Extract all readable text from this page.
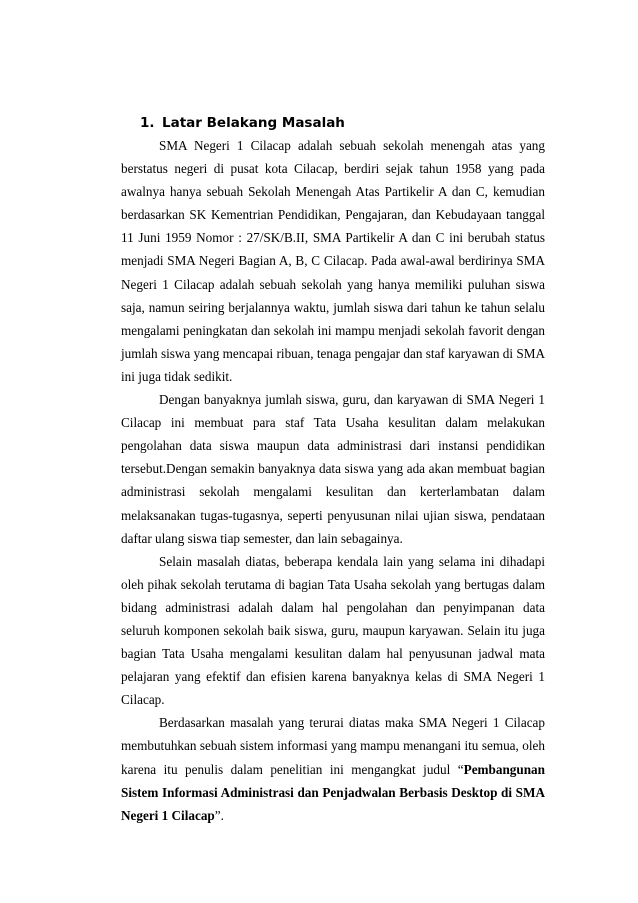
1. Latar Belakang Masalah

SMA Negeri 1 Cilacap adalah sebuah sekolah menengah atas yang berstatus negeri di pusat kota Cilacap, berdiri sejak tahun 1958 yang pada awalnya hanya sebuah Sekolah Menengah Atas Partikelir A dan C, kemudian berdasarkan SK Kementrian Pendidikan, Pengajaran, dan Kebudayaan tanggal 11 Juni 1959 Nomor : 27/SK/B.II, SMA Partikelir A dan C ini berubah status menjadi SMA Negeri Bagian A, B, C Cilacap. Pada awal-awal berdirinya SMA Negeri 1 Cilacap adalah sebuah sekolah yang hanya memiliki puluhan siswa saja, namun seiring berjalannya waktu, jumlah siswa dari tahun ke tahun selalu mengalami peningkatan dan sekolah ini mampu menjadi sekolah favorit dengan jumlah siswa yang mencapai ribuan, tenaga pengajar dan staf karyawan di SMA ini juga tidak sedikit.

Dengan banyaknya jumlah siswa, guru, dan karyawan di SMA Negeri 1 Cilacap ini membuat para staf Tata Usaha kesulitan dalam melakukan pengolahan data siswa maupun data administrasi dari instansi pendidikan tersebut.Dengan semakin banyaknya data siswa yang ada akan membuat bagian administrasi sekolah mengalami kesulitan dan kerterlambatan dalam melaksanakan tugas-tugasnya, seperti penyusunan nilai ujian siswa, pendataan daftar ulang siswa tiap semester, dan lain sebagainya.

Selain masalah diatas, beberapa kendala lain yang selama ini dihadapi oleh pihak sekolah terutama di bagian Tata Usaha sekolah yang bertugas dalam bidang administrasi adalah dalam hal pengolahan dan penyimpanan data seluruh komponen sekolah baik siswa, guru, maupun karyawan. Selain itu juga bagian Tata Usaha mengalami kesulitan dalam hal penyusunan jadwal mata pelajaran yang efektif dan efisien karena banyaknya kelas di SMA Negeri 1 Cilacap.

Berdasarkan masalah yang terurai diatas maka SMA Negeri 1 Cilacap membutuhkan sebuah sistem informasi yang mampu menangani itu semua, oleh karena itu penulis dalam penelitian ini mengangkat judul “Pembangunan Sistem Informasi Administrasi dan Penjadwalan Berbasis Desktop di SMA Negeri 1 Cilacap”.
